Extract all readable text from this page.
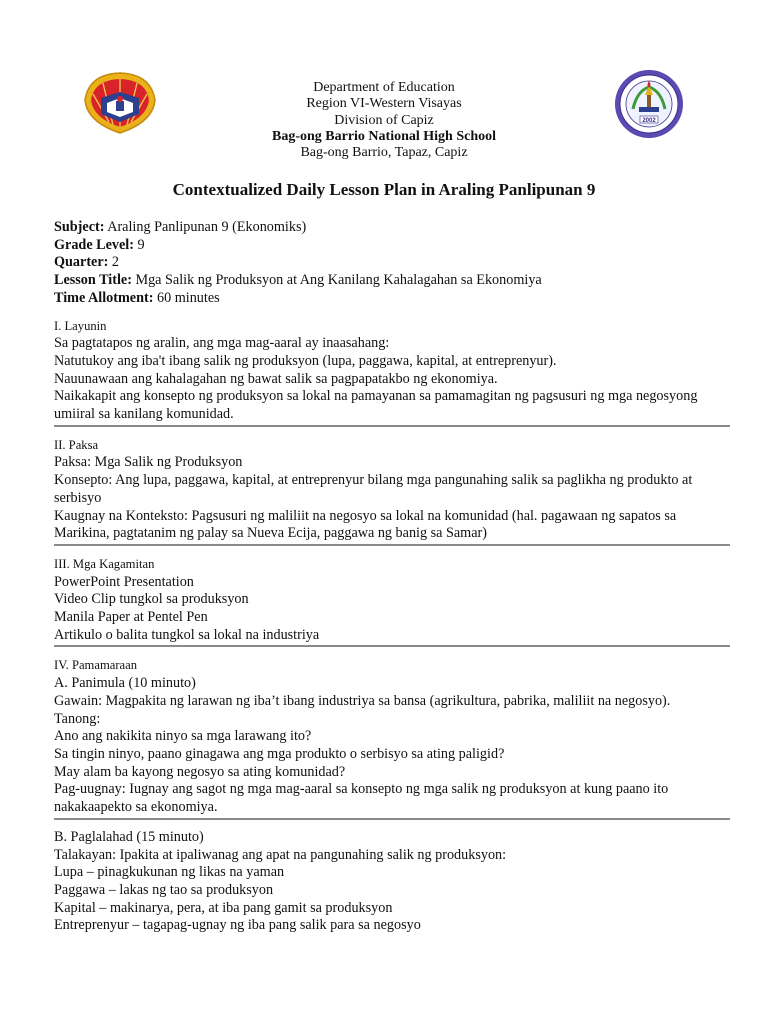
2002
Department of Education
Region VI-Western Visayas
Division of Capiz
Bag-ong Barrio National High School
Bag-ong Barrio, Tapaz, Capiz
Contextualized Daily Lesson Plan in Araling Panlipunan 9
Subject: Araling Panlipunan 9 (Ekonomiks)
Grade Level: 9
Quarter: 2
Lesson Title: Mga Salik ng Produksyon at Ang Kanilang Kahalagahan sa Ekonomiya
Time Allotment: 60 minutes
I. Layunin
Sa pagtatapos ng aralin, ang mga mag-aaral ay inaasahang:
Natutukoy ang iba't ibang salik ng produksyon (lupa, paggawa, kapital, at entreprenyur).
Nauunawaan ang kahalagahan ng bawat salik sa pagpapatakbo ng ekonomiya.
Naikakapit ang konsepto ng produksyon sa lokal na pamayanan sa pamamagitan ng pagsusuri ng mga negosyong umiiral sa kanilang komunidad.
II. Paksa
Paksa: Mga Salik ng Produksyon
Konsepto: Ang lupa, paggawa, kapital, at entreprenyur bilang mga pangunahing salik sa paglikha ng produkto at serbisyo
Kaugnay na Konteksto: Pagsusuri ng maliliit na negosyo sa lokal na komunidad (hal. pagawaan ng sapatos sa Marikina, pagtatanim ng palay sa Nueva Ecija, paggawa ng banig sa Samar)
III. Mga Kagamitan
PowerPoint Presentation
Video Clip tungkol sa produksyon
Manila Paper at Pentel Pen
Artikulo o balita tungkol sa lokal na industriya
IV. Pamamaraan
A. Panimula (10 minuto)
Gawain: Magpakita ng larawan ng iba’t ibang industriya sa bansa (agrikultura, pabrika, maliliit na negosyo).
Tanong:
Ano ang nakikita ninyo sa mga larawang ito?
Sa tingin ninyo, paano ginagawa ang mga produkto o serbisyo sa ating paligid?
May alam ba kayong negosyo sa ating komunidad?
Pag-uugnay: Iugnay ang sagot ng mga mag-aaral sa konsepto ng mga salik ng produksyon at kung paano ito nakakaapekto sa ekonomiya.
B. Paglalahad (15 minuto)
Talakayan: Ipakita at ipaliwanag ang apat na pangunahing salik ng produksyon:
Lupa – pinagkukunan ng likas na yaman
Paggawa – lakas ng tao sa produksyon
Kapital – makinarya, pera, at iba pang gamit sa produksyon
Entreprenyur – tagapag-ugnay ng iba pang salik para sa negosyo
